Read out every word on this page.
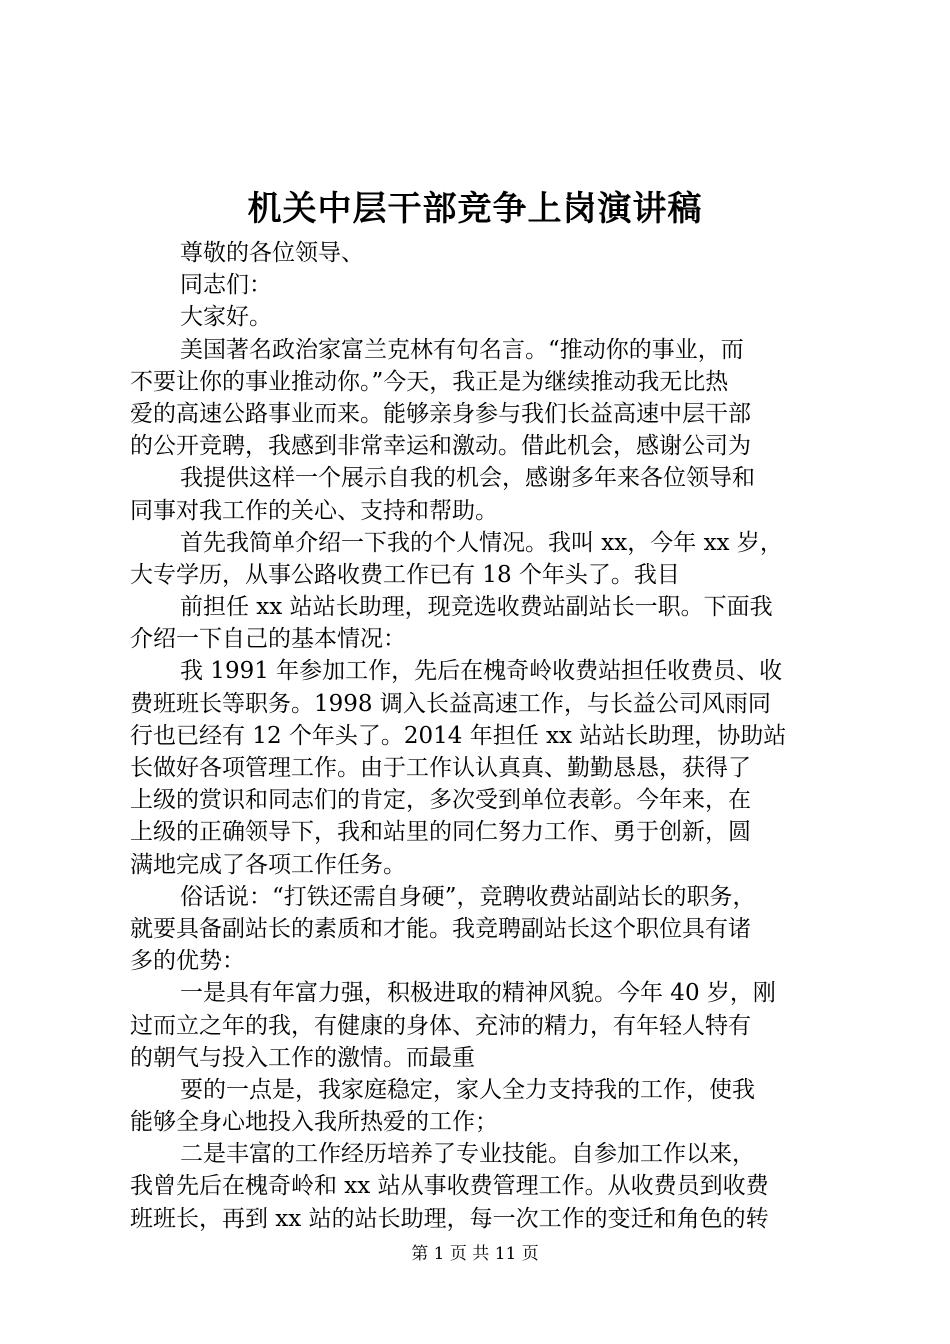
机关中层干部竞争上岗演讲稿
尊敬的各位领导、
同志们：
大家好。
美国著名政治家富兰克林有句名言。“推动你的事业，而
不要让你的事业推动你。”今天，我正是为继续推动我无比热
爱的高速公路事业而来。能够亲身参与我们长益高速中层干部
的公开竞聘，我感到非常幸运和激动。借此机会，感谢公司为
我提供这样一个展示自我的机会，感谢多年来各位领导和
同事对我工作的关心、支持和帮助。
首先我简单介绍一下我的个人情况。我叫 xx，今年 xx 岁，
大专学历，从事公路收费工作已有 18 个年头了。我目
前担任 xx 站站长助理，现竞选收费站副站长一职。下面我
介绍一下自己的基本情况：
我 1991 年参加工作，先后在槐奇岭收费站担任收费员、收
费班班长等职务。1998 调入长益高速工作，与长益公司风雨同
行也已经有 12 个年头了。2014 年担任 xx 站站长助理，协助站
长做好各项管理工作。由于工作认认真真、勤勤恳恳，获得了
上级的赏识和同志们的肯定，多次受到单位表彰。今年来，在
上级的正确领导下，我和站里的同仁努力工作、勇于创新，圆
满地完成了各项工作任务。
俗话说：“打铁还需自身硬”，竞聘收费站副站长的职务，
就要具备副站长的素质和才能。我竞聘副站长这个职位具有诸
多的优势：
一是具有年富力强，积极进取的精神风貌。今年 40 岁，刚
过而立之年的我，有健康的身体、充沛的精力，有年轻人特有
的朝气与投入工作的激情。而最重
要的一点是，我家庭稳定，家人全力支持我的工作，使我
能够全身心地投入我所热爱的工作；
二是丰富的工作经历培养了专业技能。自参加工作以来，
我曾先后在槐奇岭和 xx 站从事收费管理工作。从收费员到收费
班班长，再到 xx 站的站长助理，每一次工作的变迁和角色的转
第 1 页 共 11 页
